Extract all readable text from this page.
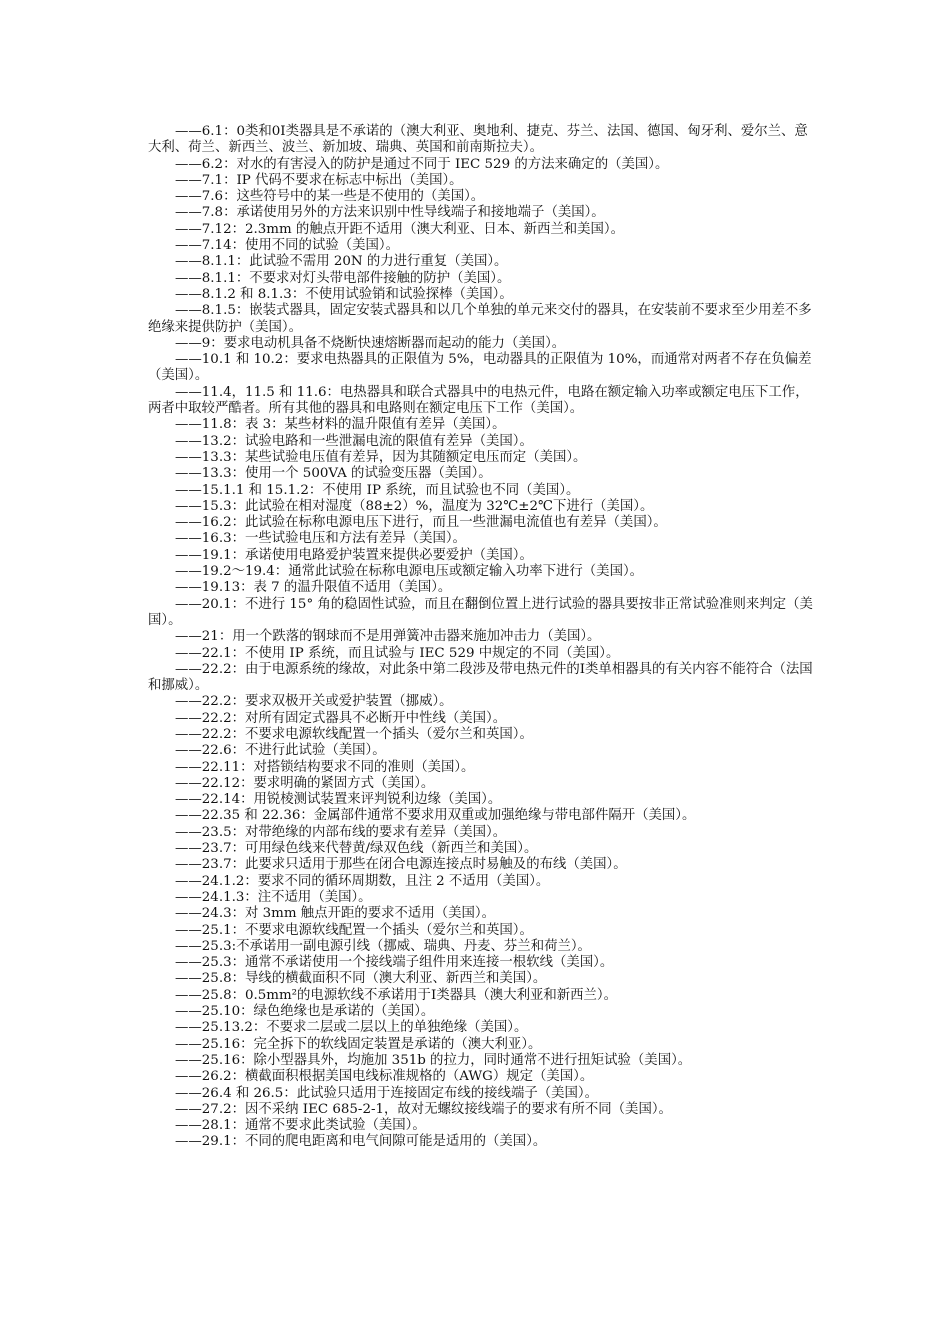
——6.1：0类和0Ⅰ类器具是不承诺的（澳大利亚、奥地利、捷克、芬兰、法国、德国、匈牙利、爱尔兰、意大利、荷兰、新西兰、波兰、新加坡、瑞典、英国和前南斯拉夫）。

——6.2：对水的有害浸入的防护是通过不同于 IEC 529 的方法来确定的（美国）。

——7.1：IP 代码不要求在标志中标出（美国）。

——7.6：这些符号中的某一些是不使用的（美国）。

——7.8：承诺使用另外的方法来识别中性导线端子和接地端子（美国）。

——7.12：2.3mm 的触点开距不适用（澳大利亚、日本、新西兰和美国）。

——7.14：使用不同的试验（美国）。

——8.1.1：此试验不需用 20N 的力进行重复（美国）。

——8.1.1：不要求对灯头带电部件接触的防护（美国）。

——8.1.2 和 8.1.3：不使用试验销和试验探棒（美国）。

——8.1.5：嵌装式器具，固定安装式器具和以几个单独的单元来交付的器具，在安装前不要求至少用差不多绝缘来提供防护（美国）。

——9：要求电动机具备不烧断快速熔断器而起动的能力（美国）。

——10.1 和 10.2：要求电热器具的正限值为 5%，电动器具的正限值为 10%，而通常对两者不存在负偏差（美国）。

——11.4，11.5 和 11.6：电热器具和联合式器具中的电热元件，电路在额定输入功率或额定电压下工作，两者中取较严酷者。所有其他的器具和电路则在额定电压下工作（美国）。

——11.8：表 3：某些材料的温升限值有差异（美国）。

——13.2：试验电路和一些泄漏电流的限值有差异（美国）。

——13.3：某些试验电压值有差异，因为其随额定电压而定（美国）。

——13.3：使用一个 500VA 的试验变压器（美国）。

——15.1.1 和 15.1.2：不使用 IP 系统，而且试验也不同（美国）。

——15.3：此试验在相对湿度（88±2）%，温度为 32℃±2℃下进行（美国）。

——16.2：此试验在标称电源电压下进行，而且一些泄漏电流值也有差异（美国）。

——16.3：一些试验电压和方法有差异（美国）。

——19.1：承诺使用电路爱护装置来提供必要爱护（美国）。

——19.2～19.4：通常此试验在标称电源电压或额定输入功率下进行（美国）。

——19.13：表 7 的温升限值不适用（美国）。

——20.1：不进行 15° 角的稳固性试验，而且在翻倒位置上进行试验的器具要按非正常试验准则来判定（美国）。

——21：用一个跌落的钢球而不是用弹簧冲击器来施加冲击力（美国）。

——22.1：不使用 IP 系统，而且试验与 IEC 529 中规定的不同（美国）。

——22.2：由于电源系统的缘故，对此条中第二段涉及带电热元件的Ⅰ类单相器具的有关内容不能符合（法国和挪威）。

——22.2：要求双极开关或爱护装置（挪威）。

——22.2：对所有固定式器具不必断开中性线（美国）。

——22.2：不要求电源软线配置一个插头（爱尔兰和英国）。

——22.6：不进行此试验（美国）。

——22.11：对搭锁结构要求不同的准则（美国）。

——22.12：要求明确的紧固方式（美国）。

——22.14：用锐棱测试装置来评判锐利边缘（美国）。

——22.35 和 22.36：金属部件通常不要求用双重或加强绝缘与带电部件隔开（美国）。

——23.5：对带绝缘的内部布线的要求有差异（美国）。

——23.7：可用绿色线来代替黄/绿双色线（新西兰和美国）。

——23.7：此要求只适用于那些在闭合电源连接点时易触及的布线（美国）。

——24.1.2：要求不同的循环周期数，且注 2 不适用（美国）。

——24.1.3：注不适用（美国）。

——24.3：对 3mm 触点开距的要求不适用（美国）。

——25.1：不要求电源软线配置一个插头（爱尔兰和英国）。

——25.3:不承诺用一副电源引线（挪威、瑞典、丹麦、芬兰和荷兰）。

——25.3：通常不承诺使用一个接线端子组件用来连接一根软线（美国）。

——25.8：导线的横截面积不同（澳大利亚、新西兰和美国）。

——25.8：0.5mm²的电源软线不承诺用于Ⅰ类器具（澳大利亚和新西兰）。

——25.10：绿色绝缘也是承诺的（美国）。

——25.13.2：不要求二层或二层以上的单独绝缘（美国）。

——25.16：完全拆下的软线固定装置是承诺的（澳大利亚）。

——25.16：除小型器具外，均施加 351b 的拉力，同时通常不进行扭矩试验（美国）。

——26.2：横截面积根据美国电线标准规格的（AWG）规定（美国）。

——26.4 和 26.5：此试验只适用于连接固定布线的接线端子（美国）。

——27.2：因不采纳 IEC 685-2-1，故对无螺纹接线端子的要求有所不同（美国）。

——28.1：通常不要求此类试验（美国）。

——29.1：不同的爬电距离和电气间隙可能是适用的（美国）。
